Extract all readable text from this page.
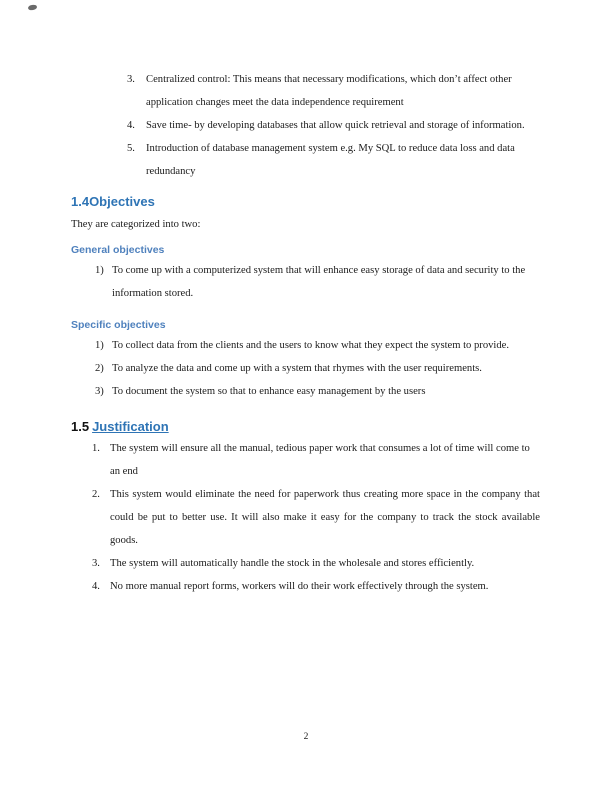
3.	Centralized control: This means that necessary modifications, which don’t affect other application changes meet the data independence requirement
4.	Save time- by developing databases that allow quick retrieval and storage of information.
5.	Introduction of database management system e.g. My SQL to reduce data loss and data redundancy
1.4Objectives

They are categorized into two:

General objectives
1) To come up with a computerized system that will enhance easy storage of data and security to the information stored.
Specific objectives
1) To collect data from the clients and the users to know what they expect the system to provide.
2) To analyze the data and come up with a system that rhymes with the user requirements.
3) To document the system so that to enhance easy management by the users
1.5 Justification
1. The system will ensure all the manual, tedious paper work that consumes a lot of time will come to an end
2. This system would eliminate the need for paperwork thus creating more space in the company that could be put to better use. It will also make it easy for the company to track the stock available goods.
3. The system will automatically handle the stock in the wholesale and stores efficiently.
4. No more manual report forms, workers will do their work effectively through the system.
2
